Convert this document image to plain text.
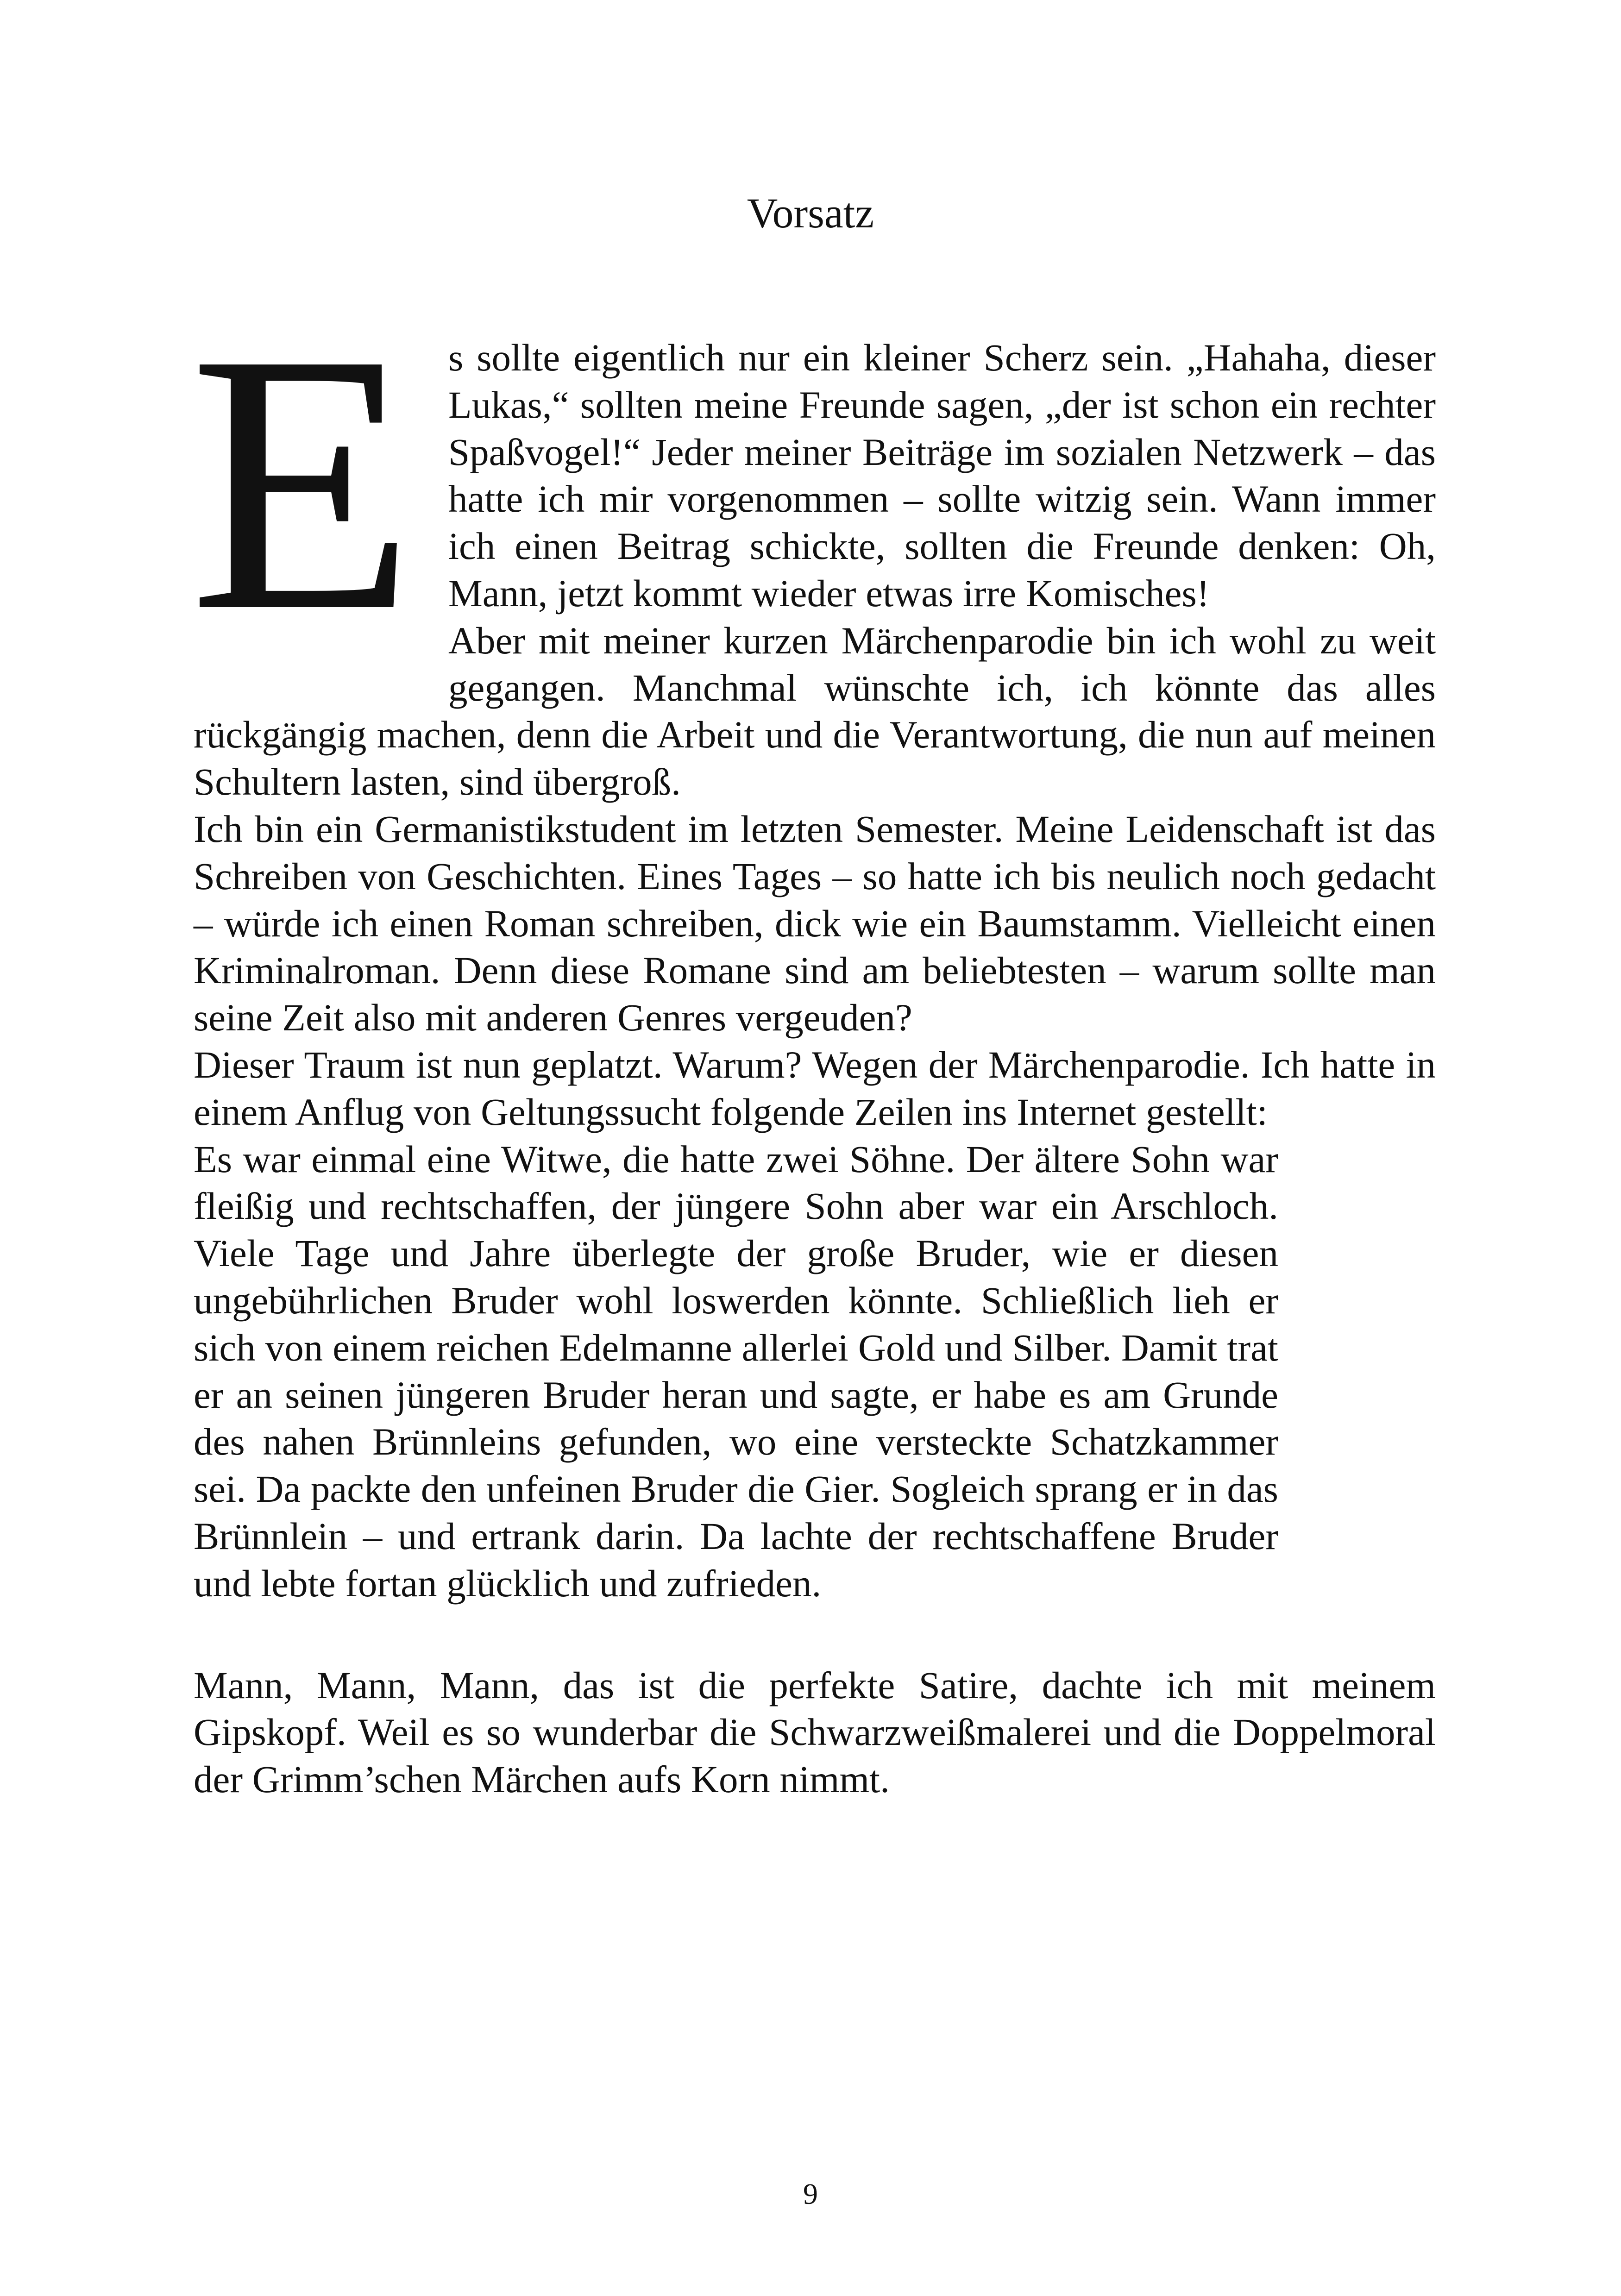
Vorsatz
E s sollte eigentlich nur ein kleiner Scherz sein. „Hahaha, dieser Lukas,“ sollten meine Freunde sagen, „der ist schon ein rechter Spaßvogel!“ Jeder meiner Beiträge im sozialen Netzwerk – das hatte ich mir vorgenommen – sollte witzig sein. Wann immer ich einen Beitrag schickte, sollten die Freunde denken: Oh, Mann, jetzt kommt wieder etwas irre Komisches!

Aber mit meiner kurzen Märchenparodie bin ich wohl zu weit gegangen. Manchmal wünschte ich, ich könnte das alles rückgängig machen, denn die Arbeit und die Verantwortung, die nun auf meinen Schultern lasten, sind übergroß.

Ich bin ein Germanistikstudent im letzten Semester. Meine Leidenschaft ist das Schreiben von Geschichten. Eines Tages – so hatte ich bis neulich noch gedacht – würde ich einen Roman schreiben, dick wie ein Baumstamm. Vielleicht einen Kriminalroman. Denn diese Romane sind am beliebtesten – warum sollte man seine Zeit also mit anderen Genres vergeuden?

Dieser Traum ist nun geplatzt. Warum? Wegen der Märchenparodie. Ich hatte in einem Anflug von Geltungssucht folgende Zeilen ins Internet gestellt:

Es war einmal eine Witwe, die hatte zwei Söhne. Der ältere Sohn war fleißig und rechtschaffen, der jüngere Sohn aber war ein Arschloch. Viele Tage und Jahre überlegte der große Bruder, wie er diesen ungebührlichen Bruder wohl loswerden könnte. Schließlich lieh er sich von einem reichen Edelmanne allerlei Gold und Silber. Damit trat er an seinen jüngeren Bruder heran und sagte, er habe es am Grunde des nahen Brünnleins gefunden, wo eine versteckte Schatzkammer sei. Da packte den unfeinen Bruder die Gier. Sogleich sprang er in das Brünnlein – und ertrank darin. Da lachte der rechtschaffene Bruder und lebte fortan glücklich und zufrieden.

Mann, Mann, Mann, das ist die perfekte Satire, dachte ich mit meinem Gipskopf. Weil es so wunderbar die Schwarzweißmalerei und die Doppelmoral der Grimm’schen Märchen aufs Korn nimmt.

9
